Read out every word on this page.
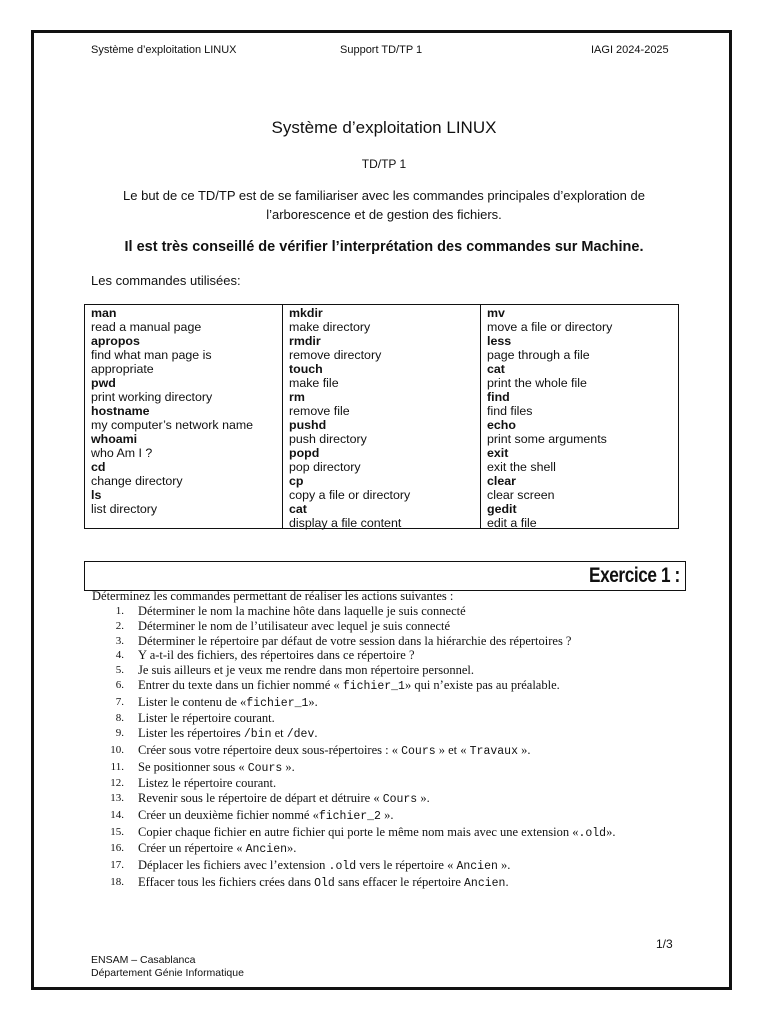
Système d’exploitation LINUX	Support TD/TP 1	IAGI 2024-2025
Système d’exploitation LINUX
TD/TP 1
Le but de ce TD/TP est de se familiariser avec les commandes principales d’exploration de
l’arborescence et de gestion des fichiers.
Il est très conseillé de vérifier l’interprétation des commandes sur Machine.
Les commandes utilisées:
man
read a manual page
apropos
find what man page is
appropriate
pwd
print working directory
hostname
my computer’s network name
whoami
who Am I ?
cd
change directory
ls
list directory
mkdir
make directory
rmdir
remove directory
touch
make file
rm
remove file
pushd
push directory
popd
pop directory
cp
copy a file or directory
cat
display a file content
mv
move a file or directory
less
page through a file
cat
print the whole file
find
find files
echo
print some arguments
exit
exit the shell
clear
clear screen
gedit
edit a file
Exercice 1 :
Déterminez les commandes permettant de réaliser les actions suivantes :
1. Déterminer le nom la machine hôte dans laquelle je suis connecté
2. Déterminer le nom de l’utilisateur avec lequel je suis connecté
3. Déterminer le répertoire par défaut de votre session dans la hiérarchie des répertoires ?
4. Y a-t-il des fichiers, des répertoires dans ce répertoire ?
5. Je suis ailleurs et je veux me rendre dans mon répertoire personnel.
6. Entrer du texte dans un fichier nommé « fichier_1» qui n’existe pas au préalable.
7. Lister le contenu de «fichier_1».
8. Lister le répertoire courant.
9. Lister les répertoires /bin et /dev.
10. Créer sous votre répertoire deux sous-répertoires : « Cours » et « Travaux ».
11. Se positionner sous « Cours ».
12. Listez le répertoire courant.
13. Revenir sous le répertoire de départ et détruire « Cours ».
14. Créer un deuxième fichier nommé «fichier_2 ».
15. Copier chaque fichier en autre fichier qui porte le même nom mais avec une extension «.old».
16. Créer un répertoire « Ancien».
17. Déplacer les fichiers avec l’extension .old vers le répertoire « Ancien ».
18. Effacer tous les fichiers crées dans Old sans effacer le répertoire Ancien.
1/3
ENSAM – Casablanca
Département Génie Informatique
